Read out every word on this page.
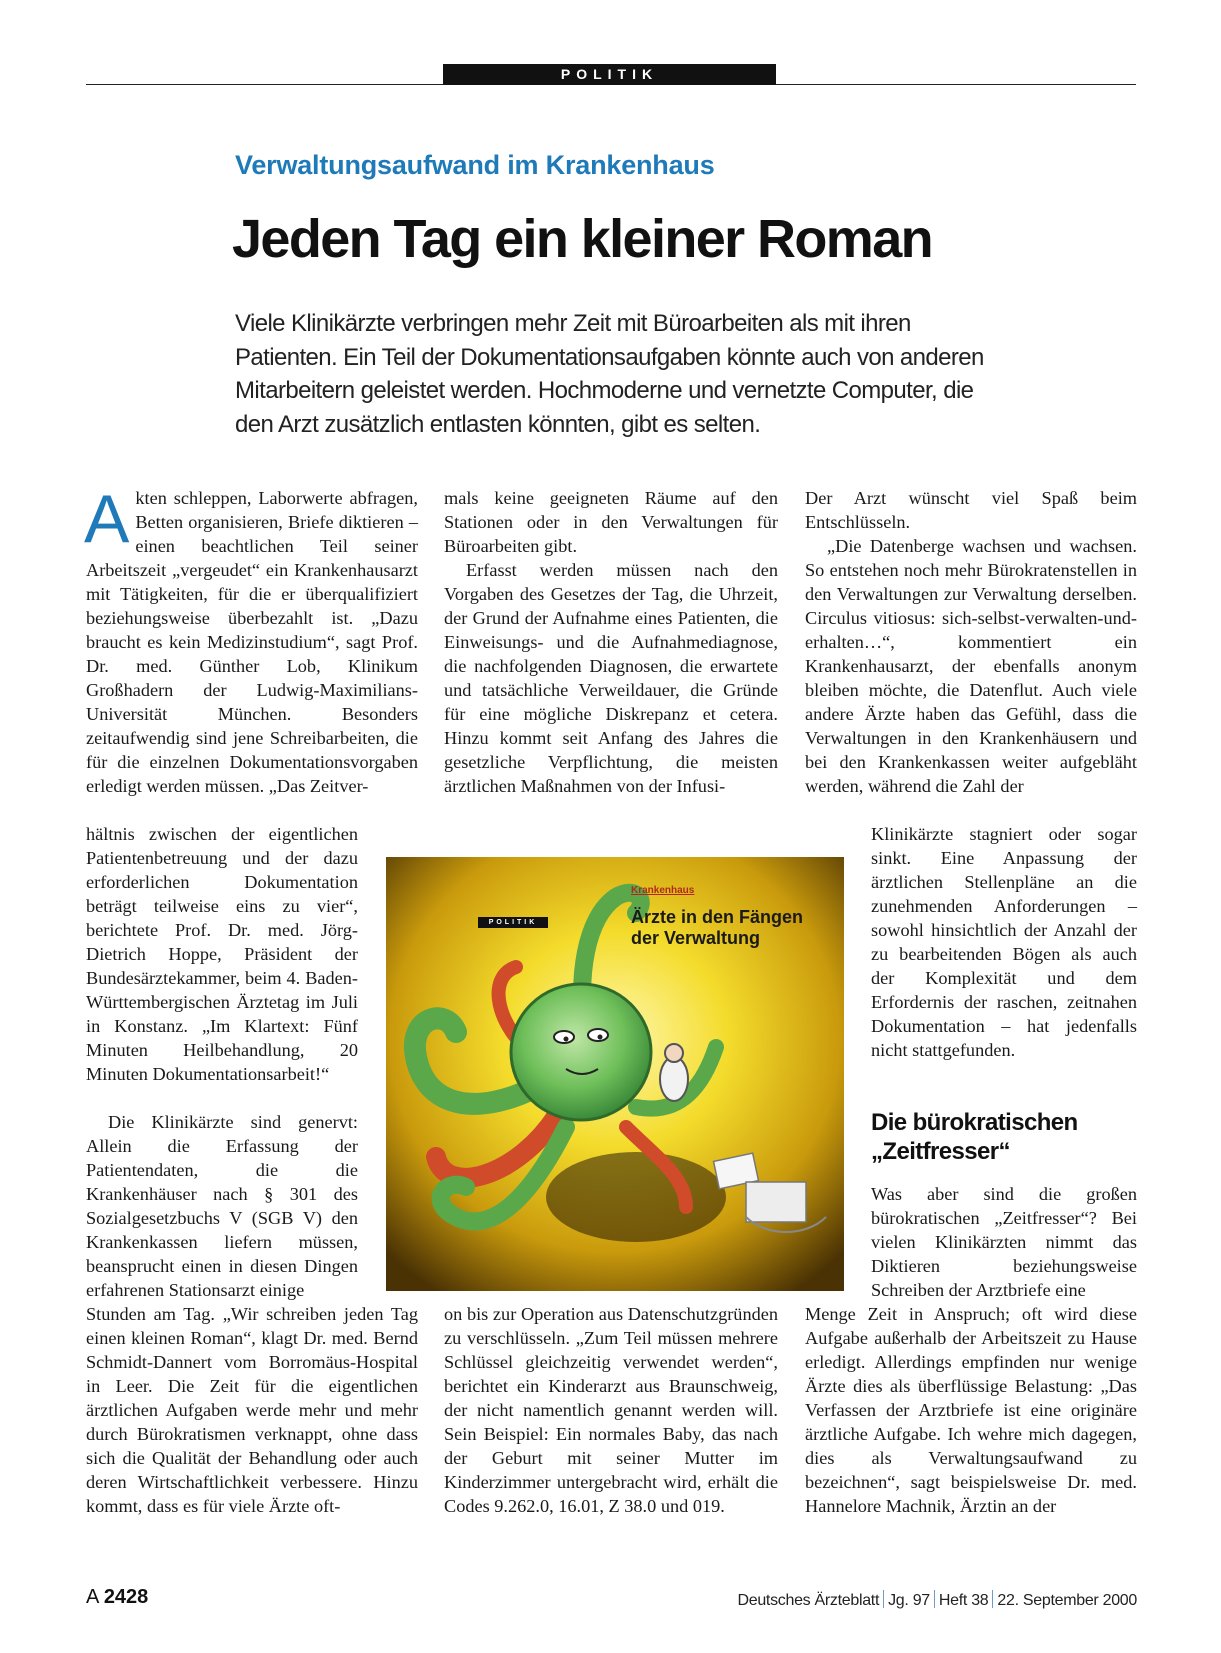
POLITIK
Verwaltungsaufwand im Krankenhaus
Jeden Tag ein kleiner Roman
Viele Klinikärzte verbringen mehr Zeit mit Büroarbeiten als mit ihren Patienten. Ein Teil der Dokumentationsaufgaben könnte auch von anderen Mitarbeitern geleistet werden. Hochmoderne und vernetzte Computer, die den Arzt zusätzlich entlasten könnten, gibt es selten.

Akten schleppen, Laborwerte abfragen, Betten organisieren, Briefe diktieren – einen beachtlichen Teil seiner Arbeitszeit „vergeudet“ ein Krankenhausarzt mit Tätigkeiten, für die er überqualifiziert beziehungsweise überbezahlt ist. „Dazu braucht es kein Medizinstudium“, sagt Prof. Dr. med. Günther Lob, Klinikum Großhadern der Ludwig-Maximilians-Universität München. Besonders zeitaufwendig sind jene Schreibarbeiten, die für die einzelnen Dokumentationsvorgaben erledigt werden müssen. „Das Zeitver-

hältnis zwischen der eigentlichen Patientenbetreuung und der dazu erforderlichen Dokumentation beträgt teilweise eins zu vier“, berichtete Prof. Dr. med. Jörg-Dietrich Hoppe, Präsident der Bundesärztekammer, beim 4. Baden-Württembergischen Ärztetag im Juli in Konstanz. „Im Klartext: Fünf Minuten Heilbehandlung, 20 Minuten Dokumentationsarbeit!“

Die Klinikärzte sind genervt: Allein die Erfassung der Patientendaten, die die Krankenhäuser nach § 301 des Sozialgesetzbuchs V (SGB V) den Krankenkassen liefern müssen, beansprucht einen in diesen Dingen erfahrenen Stationsarzt einige

Stunden am Tag. „Wir schreiben jeden Tag einen kleinen Roman“, klagt Dr. med. Bernd Schmidt-Dannert vom Borromäus-Hospital in Leer. Die Zeit für die eigentlichen ärztlichen Aufgaben werde mehr und mehr durch Bürokratismen verknappt, ohne dass sich die Qualität der Behandlung oder auch deren Wirtschaftlichkeit verbessere. Hinzu kommt, dass es für viele Ärzte oft-

mals keine geeigneten Räume auf den Stationen oder in den Verwaltungen für Büroarbeiten gibt.

Erfasst werden müssen nach den Vorgaben des Gesetzes der Tag, die Uhrzeit, der Grund der Aufnahme eines Patienten, die Einweisungs- und die Aufnahmediagnose, die nachfolgenden Diagnosen, die erwartete und tatsächliche Verweildauer, die Gründe für eine mögliche Diskrepanz et cetera. Hinzu kommt seit Anfang des Jahres die gesetzliche Verpflichtung, die meisten ärztlichen Maßnahmen von der Infusi-

on bis zur Operation aus Datenschutzgründen zu verschlüsseln. „Zum Teil müssen mehrere Schlüssel gleichzeitig verwendet werden“, berichtet ein Kinderarzt aus Braunschweig, der nicht namentlich genannt werden will. Sein Beispiel: Ein normales Baby, das nach der Geburt mit seiner Mutter im Kinderzimmer untergebracht wird, erhält die Codes 9.262.0, 16.01, Z 38.0 und 019.

Der Arzt wünscht viel Spaß beim Entschlüsseln.

„Die Datenberge wachsen und wachsen. So entstehen noch mehr Bürokratenstellen in den Verwaltungen zur Verwaltung derselben. Circulus vitiosus: sich-selbst-verwalten-und-erhalten…“, kommentiert ein Krankenhausarzt, der ebenfalls anonym bleiben möchte, die Datenflut. Auch viele andere Ärzte haben das Gefühl, dass die Verwaltungen in den Krankenhäusern und bei den Krankenkassen weiter aufgebläht werden, während die Zahl der

Klinikärzte stagniert oder sogar sinkt. Eine Anpassung der ärztlichen Stellenpläne an die zunehmenden Anforderungen – sowohl hinsichtlich der Anzahl der zu bearbeitenden Bögen als auch der Komplexität und dem Erfordernis der raschen, zeitnahen Dokumentation – hat jedenfalls nicht stattgefunden.

Die bürokratischen „Zeitfresser“

Was aber sind die großen bürokratischen „Zeitfresser“? Bei vielen Klinikärzten nimmt das Diktieren beziehungsweise Schreiben der Arztbriefe eine

Menge Zeit in Anspruch; oft wird diese Aufgabe außerhalb der Arbeitszeit zu Hause erledigt. Allerdings empfinden nur wenige Ärzte dies als überflüssige Belastung: „Das Verfassen der Arztbriefe ist eine originäre ärztliche Aufgabe. Ich wehre mich dagegen, dies als Verwaltungsaufwand zu bezeichnen“, sagt beispielsweise Dr. med. Hannelore Machnik, Ärztin an der

POLITIK
Krankenhaus
Ärzte in den Fängen der Verwaltung
A 2428	Deutsches Ärzteblatt Jg. 97 Heft 38 22. September 2000
